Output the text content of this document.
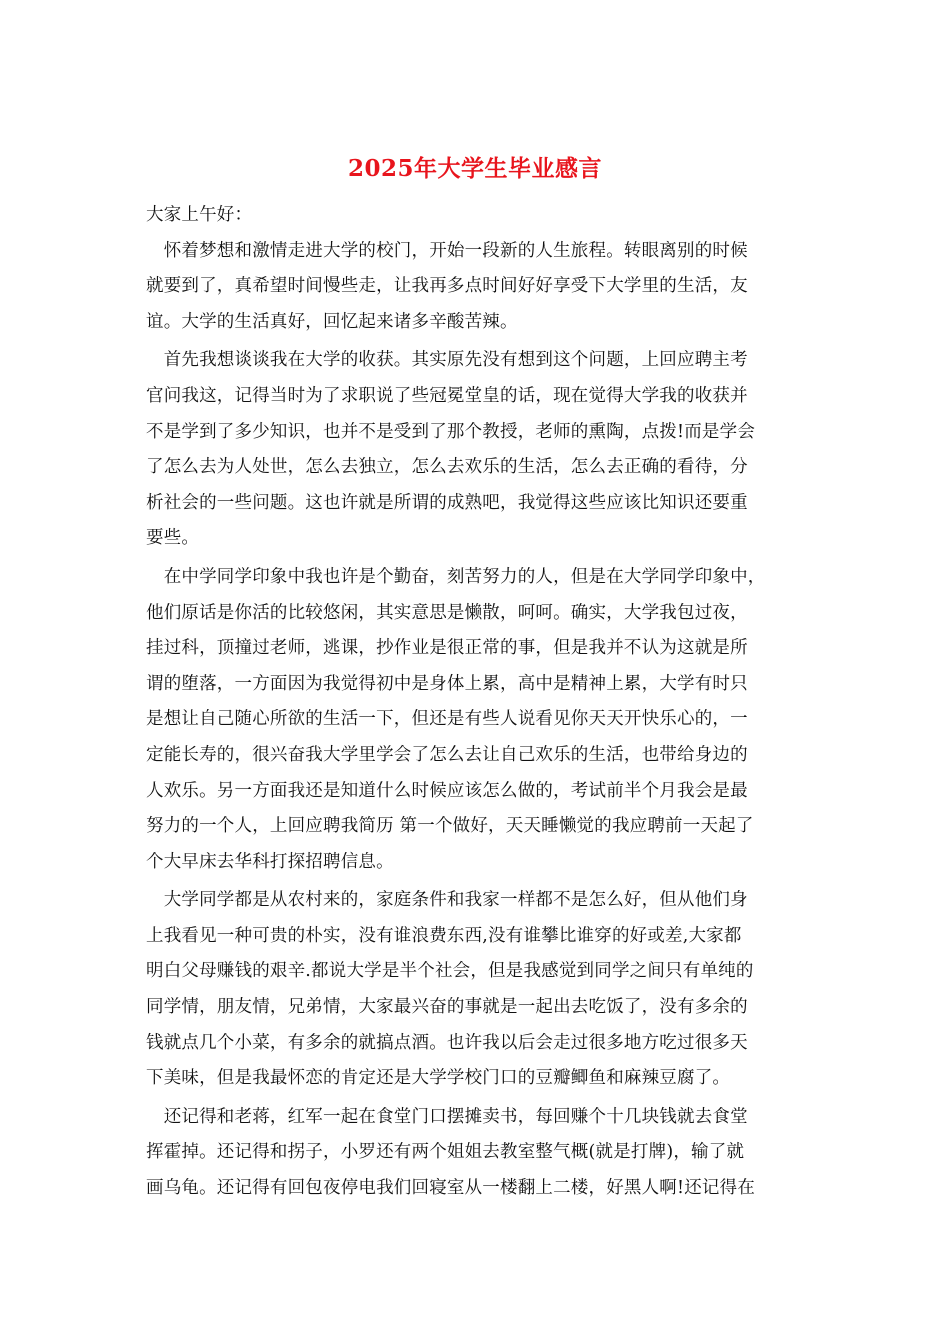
2025年大学生毕业感言
大家上午好：
　怀着梦想和激情走进大学的校门，开始一段新的人生旅程。转眼离别的时候
就要到了，真希望时间慢些走，让我再多点时间好好享受下大学里的生活，友
谊。大学的生活真好，回忆起来诸多辛酸苦辣。
　首先我想谈谈我在大学的收获。其实原先没有想到这个问题，上回应聘主考
官问我这，记得当时为了求职说了些冠冕堂皇的话，现在觉得大学我的收获并
不是学到了多少知识，也并不是受到了那个教授，老师的熏陶，点拨!而是学会
了怎么去为人处世，怎么去独立，怎么去欢乐的生活，怎么去正确的看待，分
析社会的一些问题。这也许就是所谓的成熟吧，我觉得这些应该比知识还要重
要些。
　在中学同学印象中我也许是个勤奋，刻苦努力的人，但是在大学同学印象中，
他们原话是你活的比较悠闲，其实意思是懒散，呵呵。确实，大学我包过夜，
挂过科，顶撞过老师，逃课，抄作业是很正常的事，但是我并不认为这就是所
谓的堕落，一方面因为我觉得初中是身体上累，高中是精神上累，大学有时只
是想让自己随心所欲的生活一下，但还是有些人说看见你天天开快乐心的，一
定能长寿的，很兴奋我大学里学会了怎么去让自己欢乐的生活，也带给身边的
人欢乐。另一方面我还是知道什么时候应该怎么做的，考试前半个月我会是最
努力的一个人，上回应聘我简历 第一个做好，天天睡懒觉的我应聘前一天起了
个大早床去华科打探招聘信息。
　大学同学都是从农村来的，家庭条件和我家一样都不是怎么好，但从他们身
上我看见一种可贵的朴实，没有谁浪费东西,没有谁攀比谁穿的好或差,大家都
明白父母赚钱的艰辛.都说大学是半个社会，但是我感觉到同学之间只有单纯的
同学情，朋友情，兄弟情，大家最兴奋的事就是一起出去吃饭了，没有多余的
钱就点几个小菜，有多余的就搞点酒。也许我以后会走过很多地方吃过很多天
下美味，但是我最怀恋的肯定还是大学学校门口的豆瓣鲫鱼和麻辣豆腐了。
　还记得和老蒋，红军一起在食堂门口摆摊卖书，每回赚个十几块钱就去食堂
挥霍掉。还记得和拐子，小罗还有两个姐姐去教室整气概(就是打牌)，输了就
画乌龟。还记得有回包夜停电我们回寝室从一楼翻上二楼，好黑人啊!还记得在
